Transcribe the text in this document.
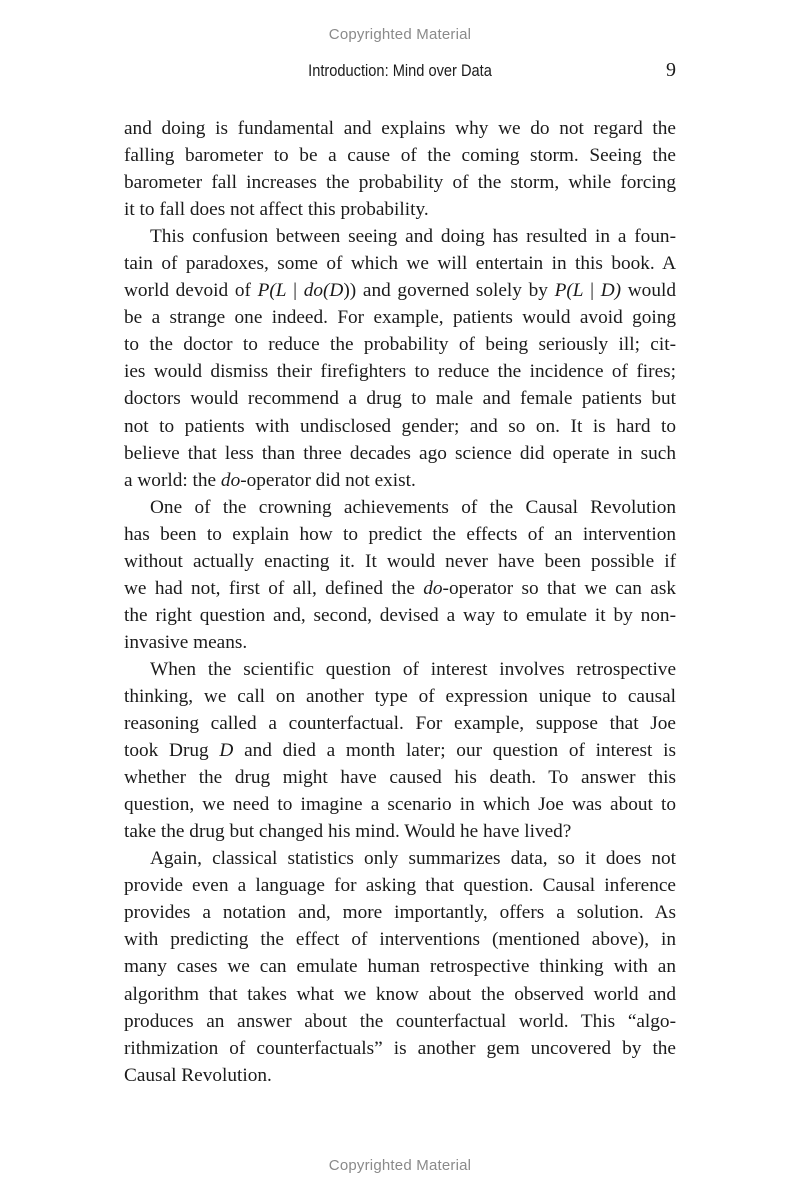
Copyrighted Material
Introduction: Mind over Data	9
and doing is fundamental and explains why we do not regard the
falling barometer to be a cause of the coming storm. Seeing the
barometer fall increases the probability of the storm, while forcing
it to fall does not affect this probability.
This confusion between seeing and doing has resulted in a foun-
tain of paradoxes, some of which we will entertain in this book. A
world devoid of P(L | do(D)) and governed solely by P(L | D) would
be a strange one indeed. For example, patients would avoid going
to the doctor to reduce the probability of being seriously ill; cit-
ies would dismiss their firefighters to reduce the incidence of fires;
doctors would recommend a drug to male and female patients but
not to patients with undisclosed gender; and so on. It is hard to
believe that less than three decades ago science did operate in such
a world: the do-operator did not exist.
One of the crowning achievements of the Causal Revolution
has been to explain how to predict the effects of an intervention
without actually enacting it. It would never have been possible if
we had not, first of all, defined the do-operator so that we can ask
the right question and, second, devised a way to emulate it by non-
invasive means.
When the scientific question of interest involves retrospective
thinking, we call on another type of expression unique to causal
reasoning called a counterfactual. For example, suppose that Joe
took Drug D and died a month later; our question of interest is
whether the drug might have caused his death. To answer this
question, we need to imagine a scenario in which Joe was about to
take the drug but changed his mind. Would he have lived?
Again, classical statistics only summarizes data, so it does not
provide even a language for asking that question. Causal inference
provides a notation and, more importantly, offers a solution. As
with predicting the effect of interventions (mentioned above), in
many cases we can emulate human retrospective thinking with an
algorithm that takes what we know about the observed world and
produces an answer about the counterfactual world. This “algo-
rithmization of counterfactuals” is another gem uncovered by the
Causal Revolution.
Copyrighted Material
